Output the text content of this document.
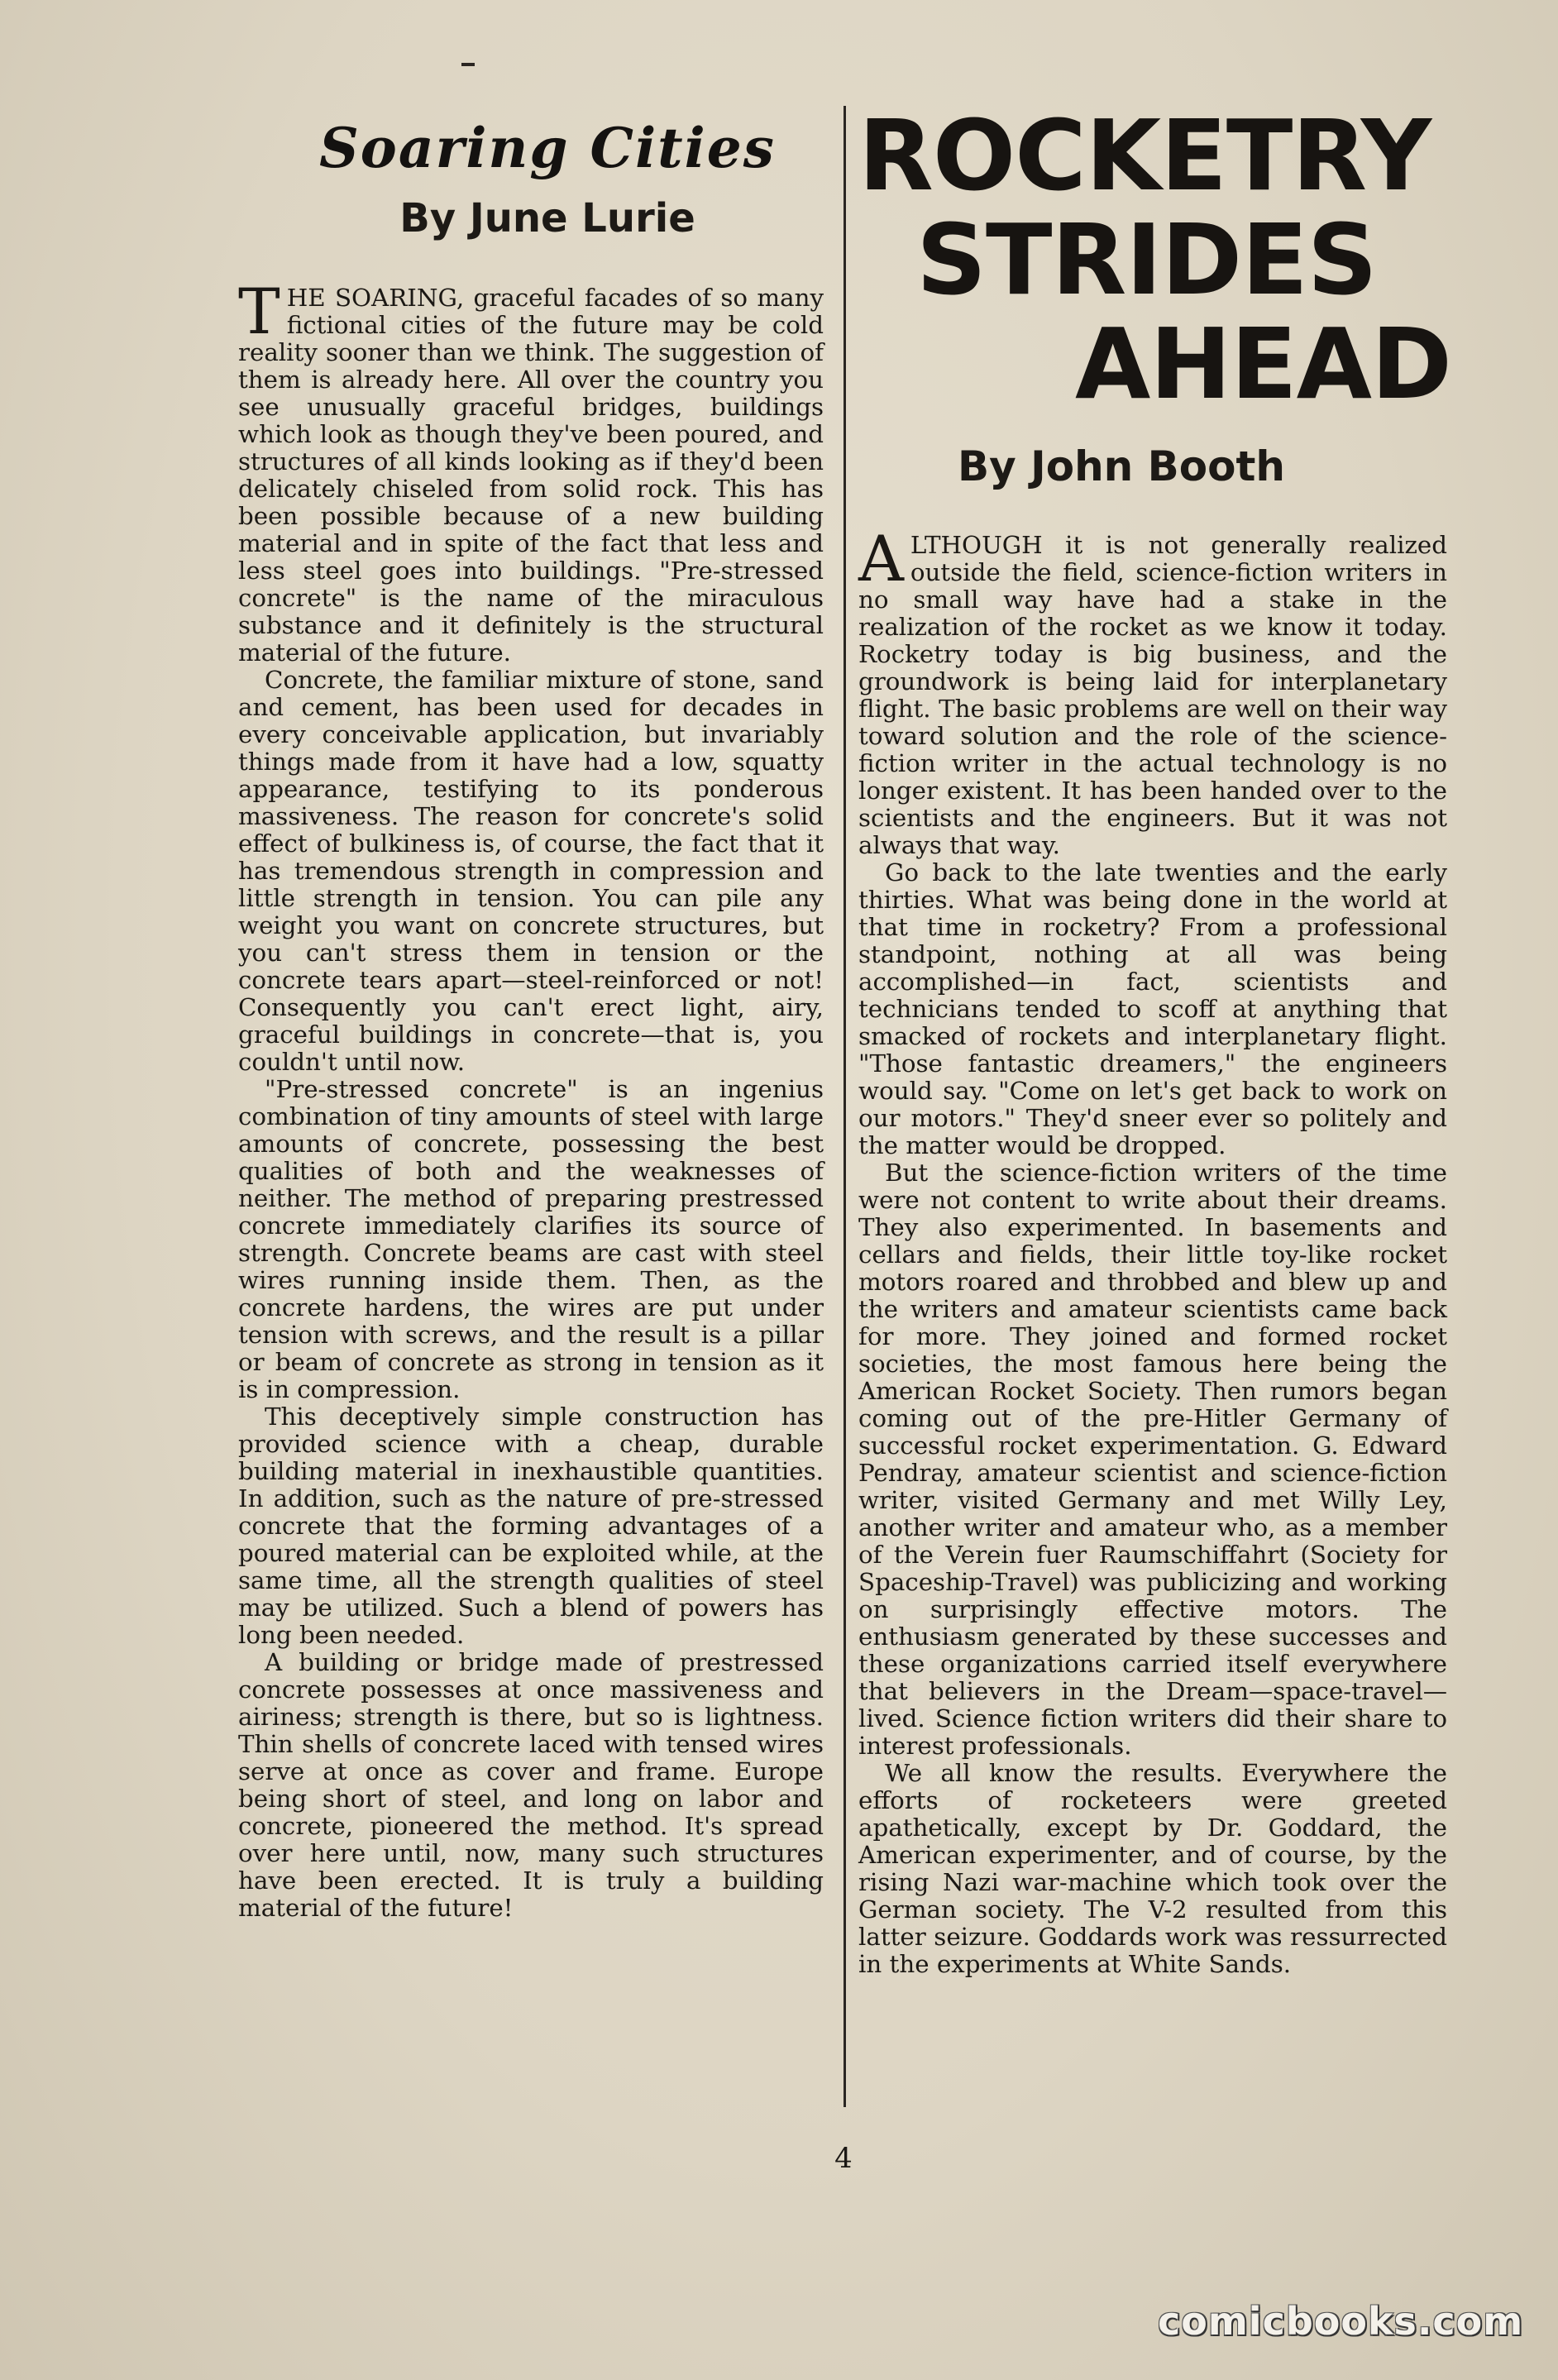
Soaring Cities
By June Lurie

THE SOARING, graceful facades of so many fictional cities of the future may be cold reality sooner than we think. The suggestion of them is already here. All over the country you see unusually graceful bridges, buildings which look as though they've been poured, and structures of all kinds looking as if they'd been delicately chiseled from solid rock. This has been possible because of a new building material and in spite of the fact that less and less steel goes into buildings. "Pre-stressed concrete" is the name of the miraculous substance and it definitely is the structural material of the future.

Concrete, the familiar mixture of stone, sand and cement, has been used for decades in every conceivable application, but invariably things made from it have had a low, squatty appearance, testifying to its ponderous massiveness. The reason for concrete's solid effect of bulkiness is, of course, the fact that it has tremendous strength in compression and little strength in tension. You can pile any weight you want on concrete structures, but you can't stress them in tension or the concrete tears apart—steel-reinforced or not! Consequently you can't erect light, airy, graceful buildings in concrete—that is, you couldn't until now.

"Pre-stressed concrete" is an ingenius combination of tiny amounts of steel with large amounts of concrete, possessing the best qualities of both and the weaknesses of neither. The method of preparing prestressed concrete immediately clarifies its source of strength. Concrete beams are cast with steel wires running inside them. Then, as the concrete hardens, the wires are put under tension with screws, and the result is a pillar or beam of concrete as strong in tension as it is in compression.

This deceptively simple construction has provided science with a cheap, durable building material in inexhaustible quantities. In addition, such as the nature of pre-stressed concrete that the forming advantages of a poured material can be exploited while, at the same time, all the strength qualities of steel may be utilized. Such a blend of powers has long been needed.

A building or bridge made of prestressed concrete possesses at once massiveness and airiness; strength is there, but so is lightness. Thin shells of concrete laced with tensed wires serve at once as cover and frame. Europe being short of steel, and long on labor and concrete, pioneered the method. It's spread over here until, now, many such structures have been erected. It is truly a building material of the future!

ROCKETRY
STRIDES
AHEAD
By John Booth

ALTHOUGH it is not generally realized outside the field, science-fiction writers in no small way have had a stake in the realization of the rocket as we know it today. Rocketry today is big business, and the groundwork is being laid for interplanetary flight. The basic problems are well on their way toward solution and the role of the science-fiction writer in the actual technology is no longer existent. It has been handed over to the scientists and the engineers. But it was not always that way.

Go back to the late twenties and the early thirties. What was being done in the world at that time in rocketry? From a professional standpoint, nothing at all was being accomplished—in fact, scientists and technicians tended to scoff at anything that smacked of rockets and interplanetary flight. "Those fantastic dreamers," the engineers would say. "Come on let's get back to work on our motors." They'd sneer ever so politely and the matter would be dropped.

But the science-fiction writers of the time were not content to write about their dreams. They also experimented. In basements and cellars and fields, their little toy-like rocket motors roared and throbbed and blew up and the writers and amateur scientists came back for more. They joined and formed rocket societies, the most famous here being the American Rocket Society. Then rumors began coming out of the pre-Hitler Germany of successful rocket experimentation. G. Edward Pendray, amateur scientist and science-fiction writer, visited Germany and met Willy Ley, another writer and amateur who, as a member of the Verein fuer Raumschiffahrt (Society for Spaceship-Travel) was publicizing and working on surprisingly effective motors. The enthusiasm generated by these successes and these organizations carried itself everywhere that believers in the Dream—space-travel—lived. Science fiction writers did their share to interest professionals.

We all know the results. Everywhere the efforts of rocketeers were greeted apathetically, except by Dr. Goddard, the American experimenter, and of course, by the rising Nazi war-machine which took over the German society. The V-2 resulted from this latter seizure. Goddards work was ressurrected in the experiments at White Sands.

4
comicbooks.com
